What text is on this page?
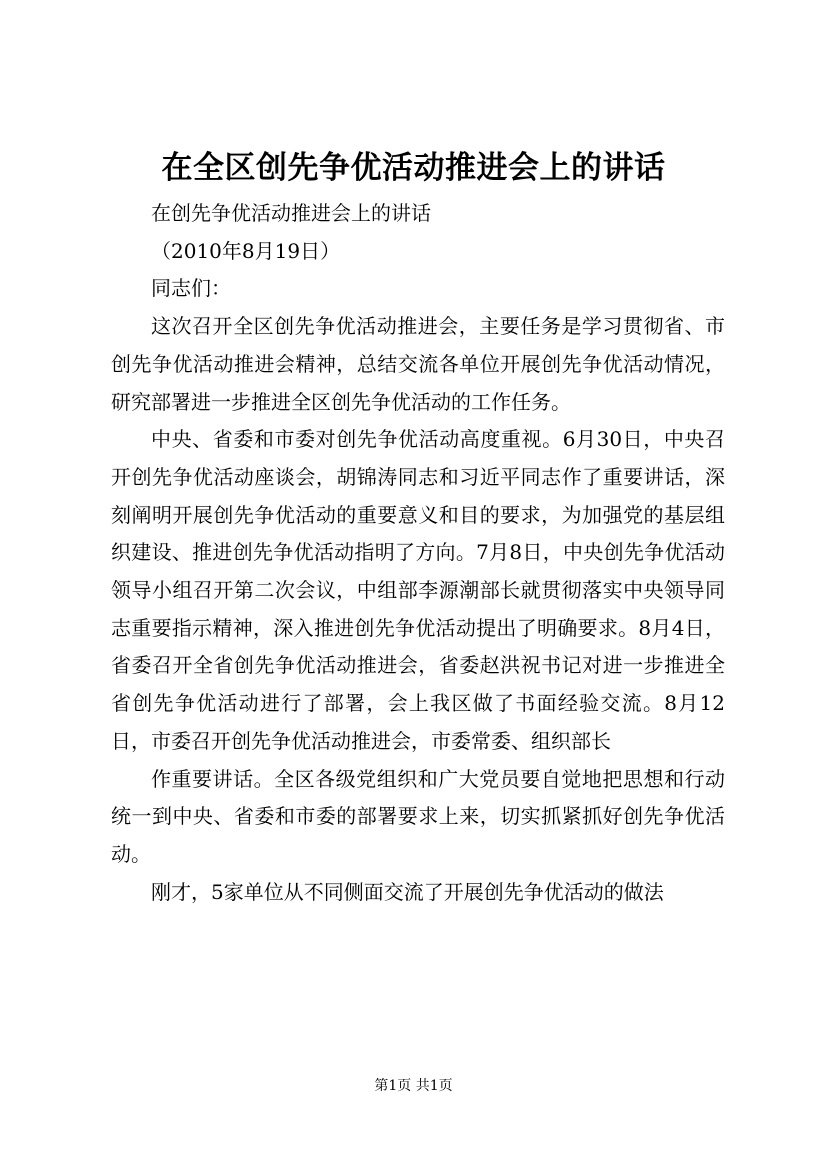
在全区创先争优活动推进会上的讲话

在创先争优活动推进会上的讲话

（2010年8月19日）

同志们：

这次召开全区创先争优活动推进会，主要任务是学习贯彻省、市创先争优活动推进会精神，总结交流各单位开展创先争优活动情况，研究部署进一步推进全区创先争优活动的工作任务。

中央、省委和市委对创先争优活动高度重视。6月30日，中央召开创先争优活动座谈会，胡锦涛同志和习近平同志作了重要讲话，深刻阐明开展创先争优活动的重要意义和目的要求，为加强党的基层组织建设、推进创先争优活动指明了方向。7月8日，中央创先争优活动领导小组召开第二次会议，中组部李源潮部长就贯彻落实中央领导同志重要指示精神，深入推进创先争优活动提出了明确要求。8月4日，省委召开全省创先争优活动推进会，省委赵洪祝书记对进一步推进全省创先争优活动进行了部署，会上我区做了书面经验交流。8月12日，市委召开创先争优活动推进会，市委常委、组织部长

作重要讲话。全区各级党组织和广大党员要自觉地把思想和行动统一到中央、省委和市委的部署要求上来，切实抓紧抓好创先争优活动。

刚才，5家单位从不同侧面交流了开展创先争优活动的做法

第1页 共1页
